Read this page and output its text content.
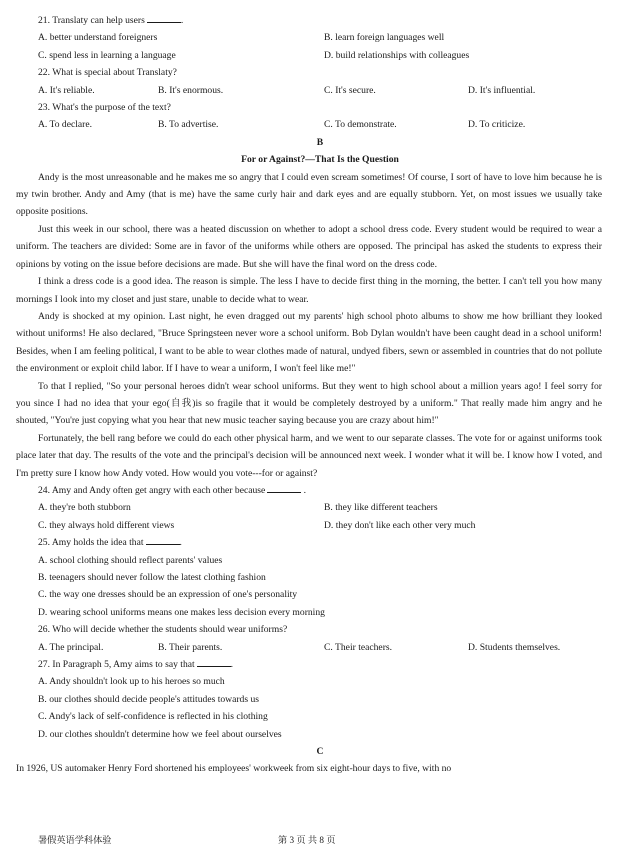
21. Translaty can help users	.
A. better understand foreigners	B. learn foreign languages well
C. spend less in learning a language	D. build relationships with colleagues
22. What is special about Translaty?
A. It's reliable.	B. It's enormous.	C. It's secure.	D. It's influential.
23. What's the purpose of the text?
A. To declare.	B. To advertise.	C. To demonstrate.	D. To criticize.
B
For or Against?—That Is the Question

Andy is the most unreasonable and he makes me so angry that I could even scream sometimes! Of course, I sort of have to love him because he is my twin brother. Andy and Amy (that is me) have the same curly hair and dark eyes and are equally stubborn. Yet, on most issues we usually take opposite positions.

Just this week in our school, there was a heated discussion on whether to adopt a school dress code. Every student would be required to wear a uniform. The teachers are divided: Some are in favor of the uniforms while others are opposed. The principal has asked the students to express their opinions by voting on the issue before decisions are made. But she will have the final word on the dress code.

I think a dress code is a good idea. The reason is simple. The less I have to decide first thing in the morning, the better. I can't tell you how many mornings I look into my closet and just stare, unable to decide what to wear.

Andy is shocked at my opinion. Last night, he even dragged out my parents' high school photo albums to show me how brilliant they looked without uniforms! He also declared, "Bruce Springsteen never wore a school uniform. Bob Dylan wouldn't have been caught dead in a school uniform! Besides, when I am feeling political, I want to be able to wear clothes made of natural, undyed fibers, sewn or assembled in countries that do not pollute the environment or exploit child labor. If I have to wear a uniform, I won't feel like me!"

To that I replied, "So your personal heroes didn't wear school uniforms. But they went to high school about a million years ago! I feel sorry for you since I had no idea that your ego(自我)is so fragile that it would be completely destroyed by a uniform." That really made him angry and he shouted, "You're just copying what you hear that new music teacher saying because you are crazy about him!"

Fortunately, the bell rang before we could do each other physical harm, and we went to our separate classes. The vote for or against uniforms took place later that day. The results of the vote and the principal's decision will be announced next week. I wonder what it will be. I know how I voted, and I'm pretty sure I know how Andy voted. How would you vote---for or against?

24. Amy and Andy often get angry with each other because	.
A. they're both stubborn	B. they like different teachers
C. they always hold different views	D. they don't like each other very much
25. Amy holds the idea that	.
A. school clothing should reflect parents' values
B. teenagers should never follow the latest clothing fashion
C. the way one dresses should be an expression of one's personality
D. wearing school uniforms means one makes less decision every morning
26. Who will decide whether the students should wear uniforms?
A. The principal.	B. Their parents.	C. Their teachers.	D. Students themselves.
27. In Paragraph 5, Amy aims to say that	.
A. Andy shouldn't look up to his heroes so much
B. our clothes should decide people's attitudes towards us
C. Andy's lack of self-confidence is reflected in his clothing
D. our clothes shouldn't determine how we feel about ourselves
C
In 1926, US automaker Henry Ford shortened his employees' workweek from six eight-hour days to five, with no
暑假英语学科体验	第 3 页 共 8 页
